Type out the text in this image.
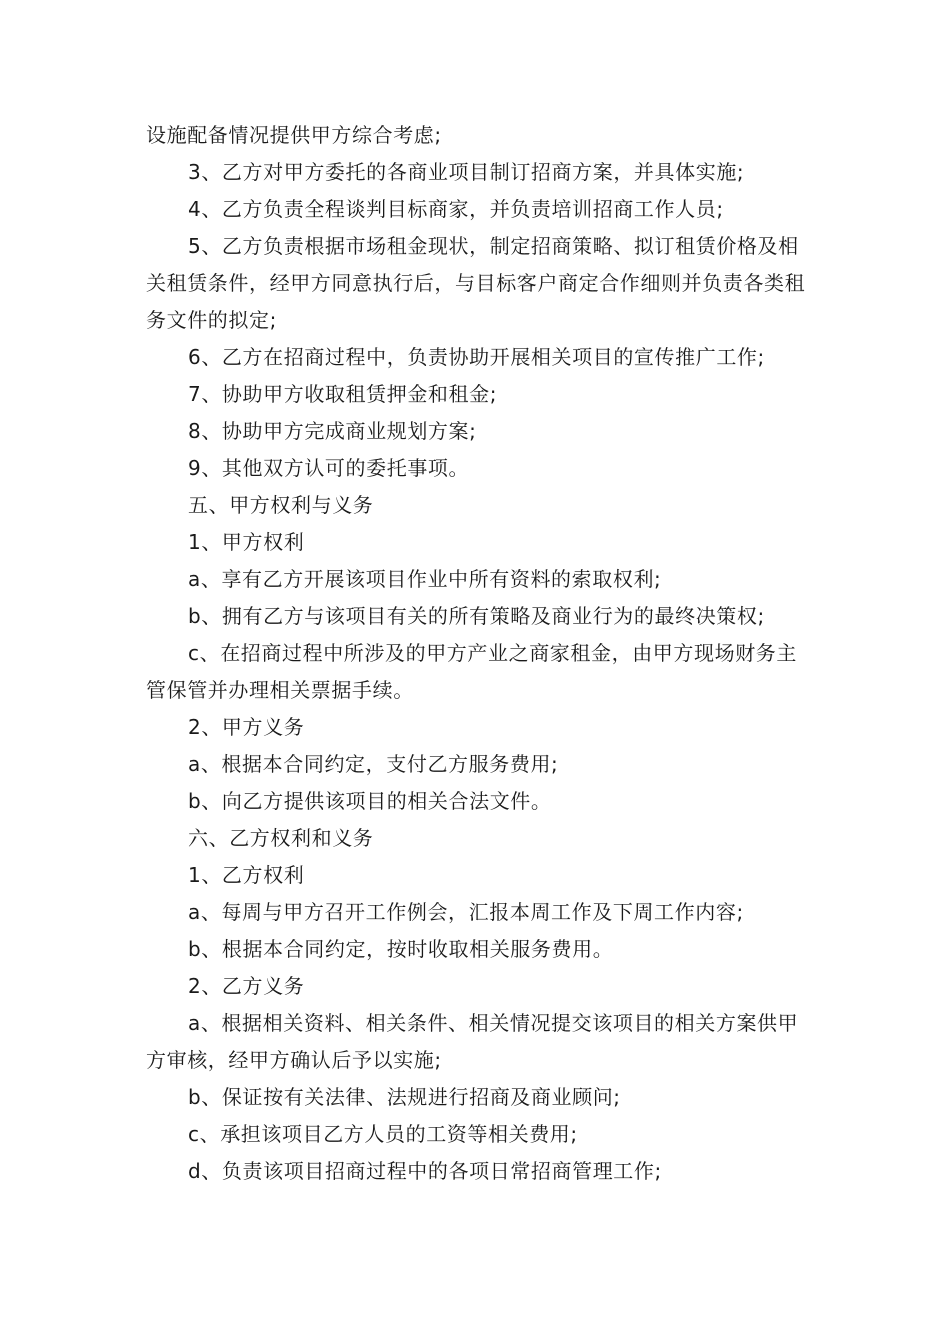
设施配备情况提供甲方综合考虑;

3、乙方对甲方委托的各商业项目制订招商方案，并具体实施;

4、乙方负责全程谈判目标商家，并负责培训招商工作人员;

5、乙方负责根据市场租金现状，制定招商策略、拟订租赁价格及相关租赁条件，经甲方同意执行后，与目标客户商定合作细则并负责各类租务文件的拟定;

6、乙方在招商过程中，负责协助开展相关项目的宣传推广工作;

7、协助甲方收取租赁押金和租金;

8、协助甲方完成商业规划方案;

9、其他双方认可的委托事项。

五、甲方权利与义务

1、甲方权利

a、享有乙方开展该项目作业中所有资料的索取权利;

b、拥有乙方与该项目有关的所有策略及商业行为的最终决策权;

c、在招商过程中所涉及的甲方产业之商家租金，由甲方现场财务主管保管并办理相关票据手续。

2、甲方义务

a、根据本合同约定，支付乙方服务费用;

b、向乙方提供该项目的相关合法文件。

六、乙方权利和义务

1、乙方权利

a、每周与甲方召开工作例会，汇报本周工作及下周工作内容;

b、根据本合同约定，按时收取相关服务费用。

2、乙方义务

a、根据相关资料、相关条件、相关情况提交该项目的相关方案供甲方审核，经甲方确认后予以实施;

b、保证按有关法律、法规进行招商及商业顾问;

c、承担该项目乙方人员的工资等相关费用;

d、负责该项目招商过程中的各项日常招商管理工作;
